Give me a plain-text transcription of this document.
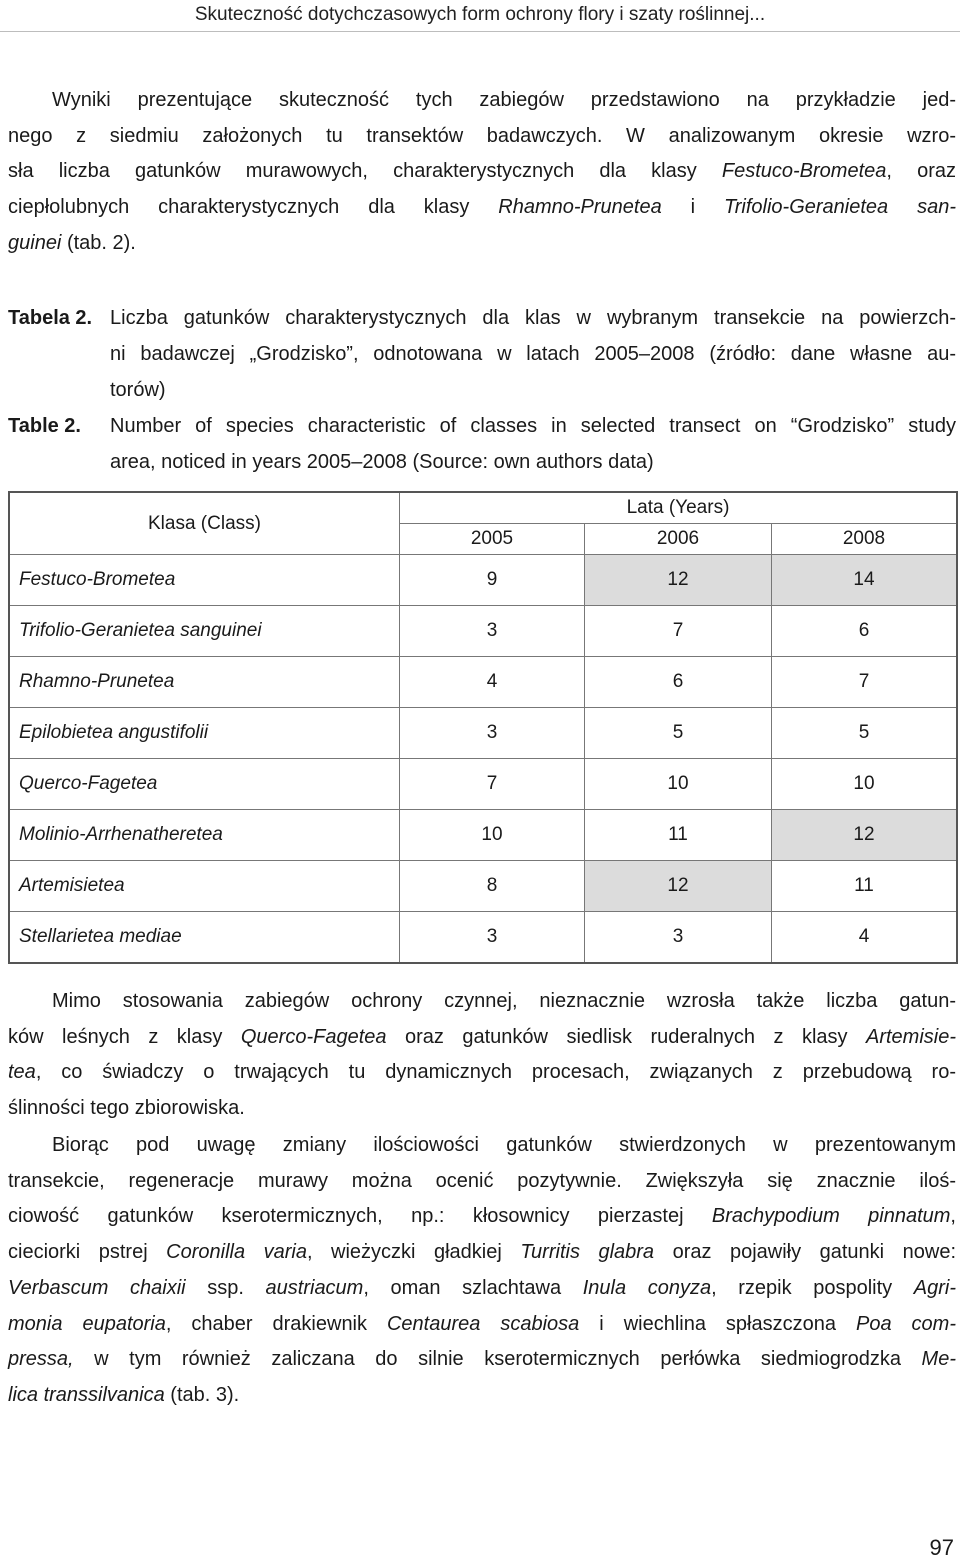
Skuteczność dotychczasowych form ochrony flory i szaty roślinnej...
Wyniki prezentujące skuteczność tych zabiegów przedstawiono na przykładzie jed-
nego z siedmiu założonych tu transektów badawczych. W analizowanym okresie wzro-
sła liczba gatunków murawowych, charakterystycznych dla klasy Festuco-Brometea, oraz
ciepłolubnych charakterystycznych dla klasy Rhamno-Prunetea i Trifolio-Geranietea san-
guinei (tab. 2).
Tabela 2. Liczba gatunków charakterystycznych dla klas w wybranym transekcie na powierzch-
ni badawczej „Grodzisko”, odnotowana w latach 2005–2008 (źródło: dane własne au-
torów)
Table 2.	Number of species characteristic of classes in selected transect on “Grodzisko” study
area, noticed in years 2005–2008 (Source: own authors data)
Klasa (Class)	Lata (Years)		
	2005	2006	2008
Festuco-Brometea	9	12	14
Trifolio-Geranietea sanguinei	3	7	6
Rhamno-Prunetea	4	6	7
Epilobietea angustifolii	3	5	5
Querco-Fagetea	7	10	10
Molinio-Arrhenatheretea	10	11	12
Artemisietea	8	12	11
Stellarietea mediae	3	3	4
Mimo stosowania zabiegów ochrony czynnej, nieznacznie wzrosła także liczba gatun-
ków leśnych z klasy Querco-Fagetea oraz gatunków siedlisk ruderalnych z klasy Artemisie-
tea, co świadczy o trwających tu dynamicznych procesach, związanych z przebudową ro-
ślinności tego zbiorowiska.
Biorąc pod uwagę zmiany ilościowości gatunków stwierdzonych w prezentowanym
transekcie, regeneracje murawy można ocenić pozytywnie. Zwiększyła się znacznie iloś-
ciowość gatunków kserotermicznych, np.: kłosownicy pierzastej Brachypodium pinnatum,
cieciorki pstrej Coronilla varia, wieżyczki gładkiej Turritis glabra oraz pojawiły gatunki nowe:
Verbascum chaixii ssp. austriacum, oman szlachtawa Inula conyza, rzepik pospolity Agri-
monia eupatoria, chaber drakiewnik Centaurea scabiosa i wiechlina spłaszczona Poa com-
pressa, w tym również zaliczana do silnie kserotermicznych perłówka siedmiogrodzka Me-
lica transsilvanica (tab. 3).
97
